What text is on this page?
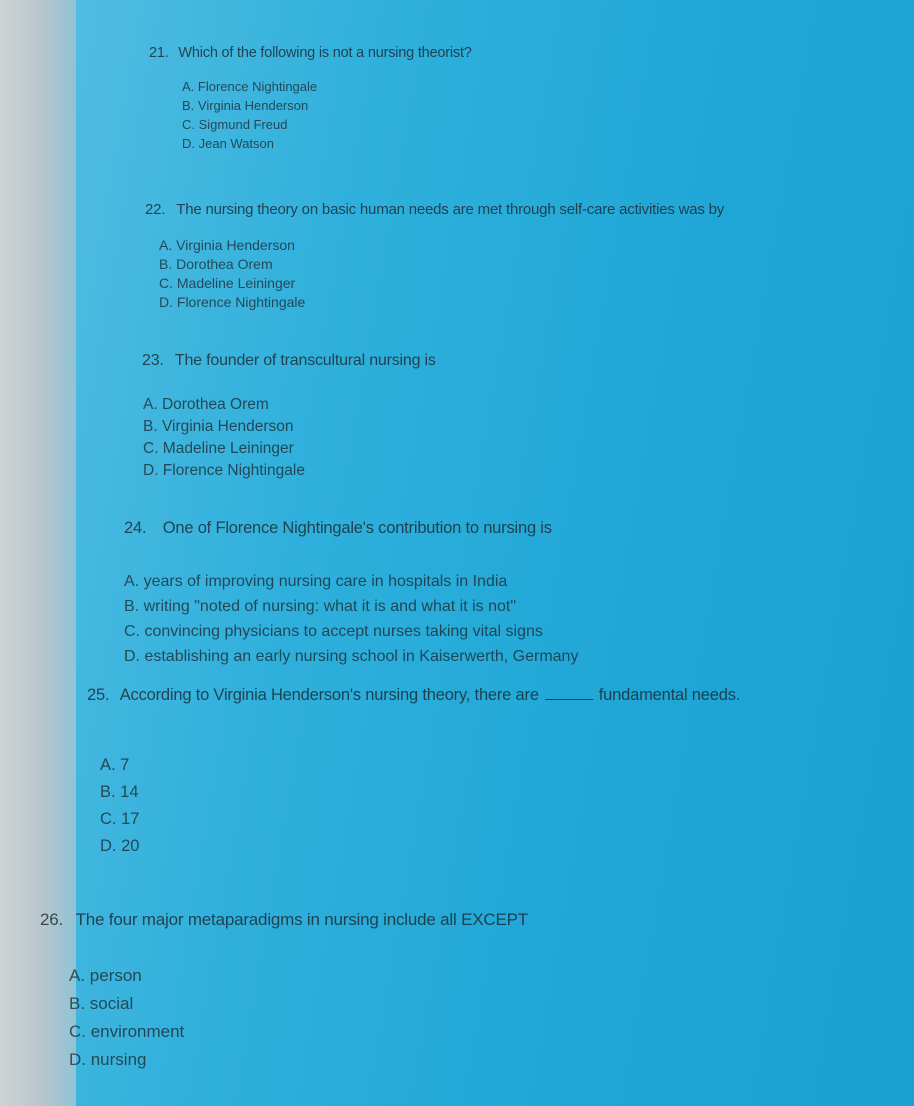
21. Which of the following is not a nursing theorist?
A. Florence Nightingale
B. Virginia Henderson
C. Sigmund Freud
D. Jean Watson
22. The nursing theory on basic human needs are met through self-care activities was by
A. Virginia Henderson
B. Dorothea Orem
C. Madeline Leininger
D. Florence Nightingale
23. The founder of transcultural nursing is
A. Dorothea Orem
B. Virginia Henderson
C. Madeline Leininger
D. Florence Nightingale
24. One of Florence Nightingale's contribution to nursing is
A. years of improving nursing care in hospitals in India
B. writing "noted of nursing: what it is and what it is not"
C. convincing physicians to accept nurses taking vital signs
D. establishing an early nursing school in Kaiserwerth, Germany
25. According to Virginia Henderson's nursing theory, there are	fundamental needs.
A. 7
B. 14
C. 17
D. 20
26. The four major metaparadigms in nursing include all EXCEPT
A. person
B. social
C. environment
D. nursing
